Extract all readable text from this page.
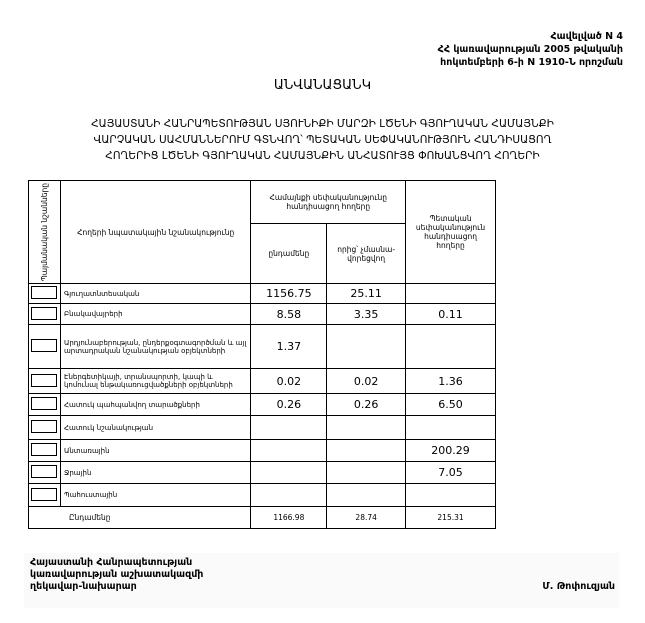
Հավելված N 4
ՀՀ կառավարության 2005 թվականի
հոկտեմբերի 6-ի N 1910-Ն որոշման
ԱՆՎԱՆԱՑԱՆԿ
ՀԱՅԱՍՏԱՆԻ ՀԱՆՐԱՊԵՏՈՒԹՅԱՆ ՍՅՈՒՆԻՔԻ ՄԱՐԶԻ ԼԾԵՆԻ ԳՅՈՒՂԱԿԱՆ ՀԱՄԱՅՆՔԻ
ՎԱՐՉԱԿԱՆ ՍԱՀՄԱՆՆԵՐՈՒՄ ԳՏՆՎՈՂ՝ ՊԵՏԱԿԱՆ ՍԵՓԱԿԱՆՈՒԹՅՈՒՆ ՀԱՆԴԻՍԱՑՈՂ
ՀՈՂԵՐԻՑ ԼԾԵՆԻ ԳՅՈՒՂԱԿԱՆ ՀԱՄԱՅՆՔԻՆ ԱՆՀԱՏՈՒՅՑ ՓՈԽԱՆՑՎՈՂ ՀՈՂԵՐԻ
Պայմանական նշանները	Հողերի նպատակային նշանակությունը	Համայնքի սեփականությունը հանդիսացող հողերը		Պետական սեփականություն հանդիսացող հողերը
		ընդամենը	որից՝ չմասնա-վորեցվող	
	Գյուղատնտեսական	1156.75	25.11	
	Բնակավայրերի	8.58	3.35	0.11
	Արդյունաբերության, ընդերքօգտագործման և այլ արտադրական նշանակության օբյեկտների	1.37		
	Էներգետիկայի, տրանսպորտի, կապի և կոմունալ ենթակառուցվածքների օբյեկտների	0.02	0.02	1.36
	Հատուկ պահպանվող տարածքների	0.26	0.26	6.50
	Հատուկ նշանակության			
	Անտառային			200.29
	Ջրային			7.05
	Պահուստային			
Ընդամենը		1166.98	28.74	215.31
Հայաստանի Հանրապետության
կառավարության աշխատակազմի
ղեկավար-նախարար	Մ. Թոփուզյան
